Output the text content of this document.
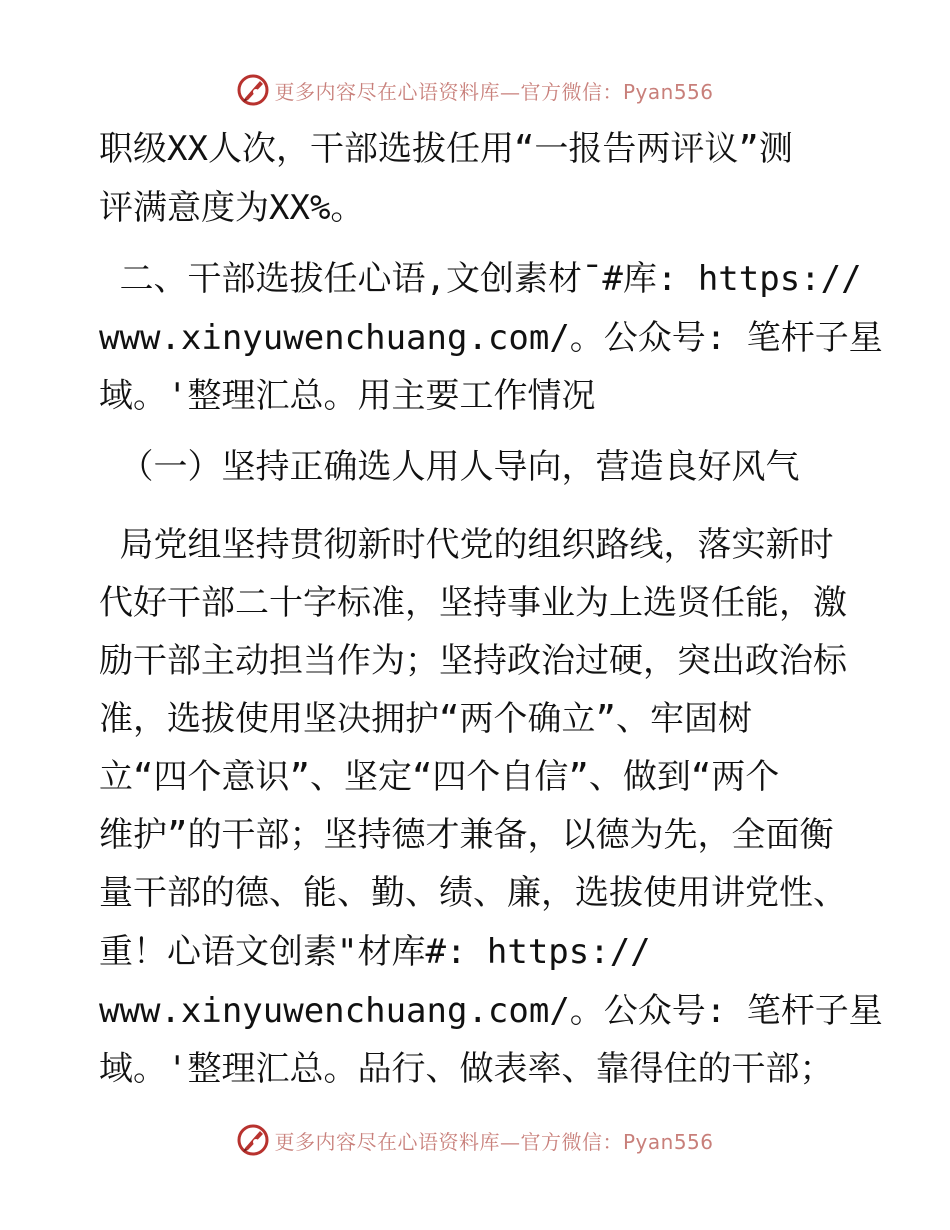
更多内容尽在心语资料库—官方微信：Pyan556
职级XX人次，干部选拔任用“一报告两评议”测
评满意度为XX%。
二、干部选拔任心语,文创素材¯#库: https://
www.xinyuwenchuang.com/。公众号: 笔杆子星
域。'整理汇总。用主要工作情况
（一）坚持正确选人用人导向，营造良好风气
局党组坚持贯彻新时代党的组织路线，落实新时
代好干部二十字标准，坚持事业为上选贤任能，激
励干部主动担当作为；坚持政治过硬，突出政治标
准，选拔使用坚决拥护“两个确立”、牢固树
立“四个意识”、坚定“四个自信”、做到“两个
维护”的干部；坚持德才兼备，以德为先，全面衡
量干部的德、能、勤、绩、廉，选拔使用讲党性、
重！心语文创素"材库#: https://
www.xinyuwenchuang.com/。公众号: 笔杆子星
域。'整理汇总。品行、做表率、靠得住的干部；
更多内容尽在心语资料库—官方微信：Pyan556
